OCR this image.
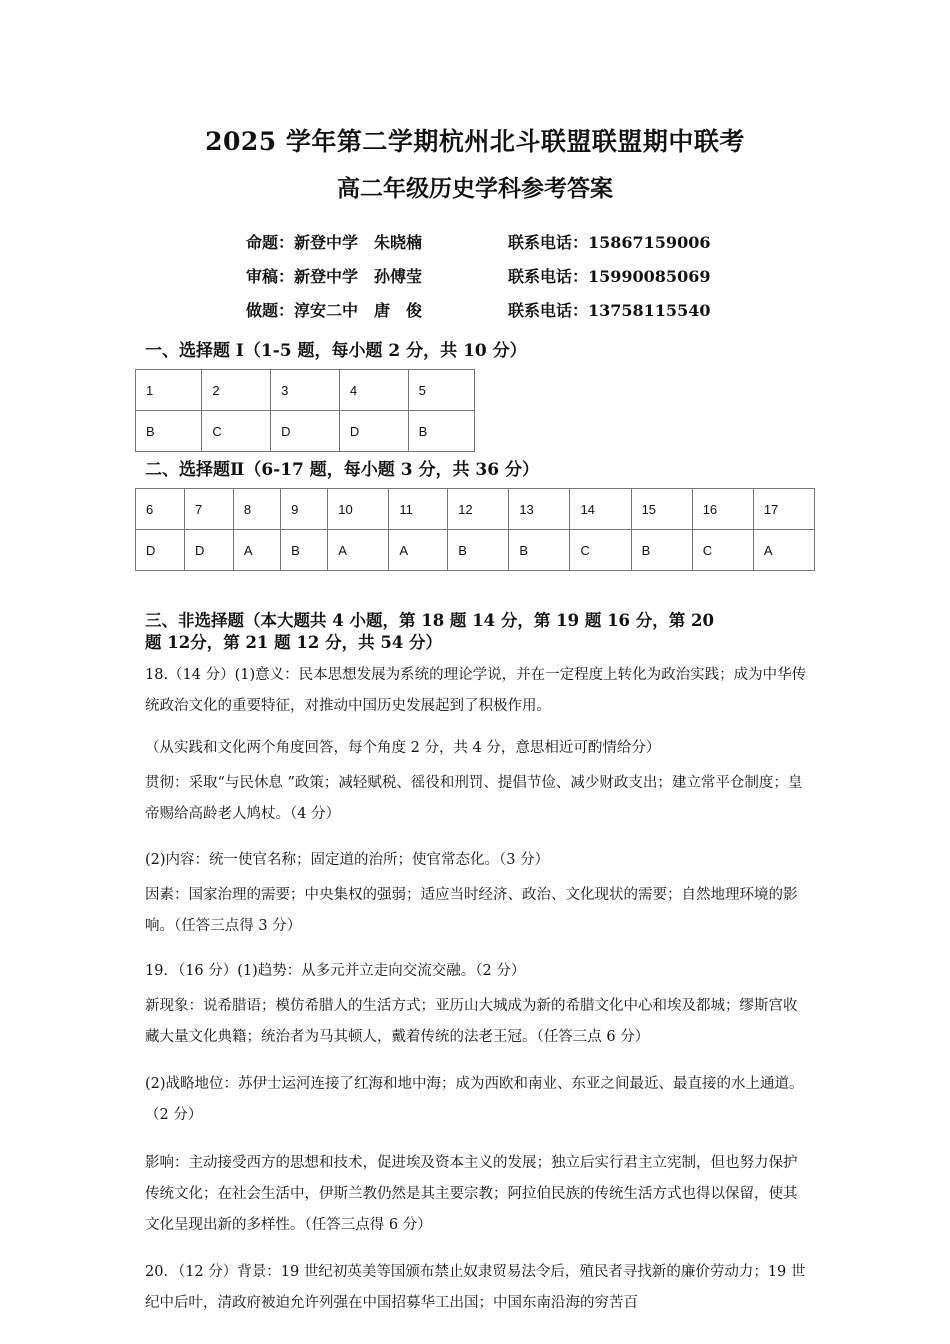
2025 学年第二学期杭州北斗联盟联盟期中联考
高二年级历史学科参考答案
命题：新登中学　朱晓楠	联系电话：15867159006
审稿：新登中学　孙傅莹	联系电话：15990085069
做题：淳安二中　唐　俊	联系电话：13758115540
一、选择题 I（1-5 题，每小题 2 分，共 10 分）
1	2	3	4	5
B	C	D	D	B
二、选择题Ⅱ（6-17 题，每小题 3 分，共 36 分）
6	7	8	9	10	11	12	13	14	15	16	17
D	D	A	B	A	A	B	B	C	B	C	A
三、非选择题（本大题共 4 小题，第 18 题 14 分，第 19 题 16 分，第 20
题 12分，第 21 题 12 分，共 54 分）

18.（14 分）(1)意义：民本思想发展为系统的理论学说，并在一定程度上转化为政治实践；成为中华传统政治文化的重要特征，对推动中国历史发展起到了积极作用。

（从实践和文化两个角度回答，每个角度 2 分，共 4 分，意思相近可酌情给分）

贯彻：采取“与民休息 ”政策；减轻赋税、徭役和刑罚、提倡节俭、减少财政支出；建立常平仓制度；皇帝赐给高龄老人鸠杖。（4 分）

(2)内容：统一使官名称；固定道的治所；使官常态化。（3 分）

因素：国家治理的需要；中央集权的强弱；适应当时经济、政治、文化现状的需要；自然地理环境的影响。（任答三点得 3 分）

19．（16 分）(1)趋势：从多元并立走向交流交融。（2 分）

新现象：说希腊语；模仿希腊人的生活方式；亚历山大城成为新的希腊文化中心和埃及都城；缪斯宫收藏大量文化典籍；统治者为马其顿人，戴着传统的法老王冠。（任答三点 6 分）

(2)战略地位：苏伊士运河连接了红海和地中海；成为西欧和南业、东亚之间最近、最直接的水上通道。（2 分）

影响：主动接受西方的思想和技术，促进埃及资本主义的发展；独立后实行君主立宪制，但也努力保护传统文化；在社会生活中，伊斯兰教仍然是其主要宗教；阿拉伯民族的传统生活方式也得以保留，使其文化呈现出新的多样性。（任答三点得 6 分）

20．（12 分）背景：19 世纪初英美等国颁布禁止奴隶贸易法令后，殖民者寻找新的廉价劳动力；19 世纪中后叶，清政府被迫允许列强在中国招募华工出国；中国东南沿海的穷苦百
